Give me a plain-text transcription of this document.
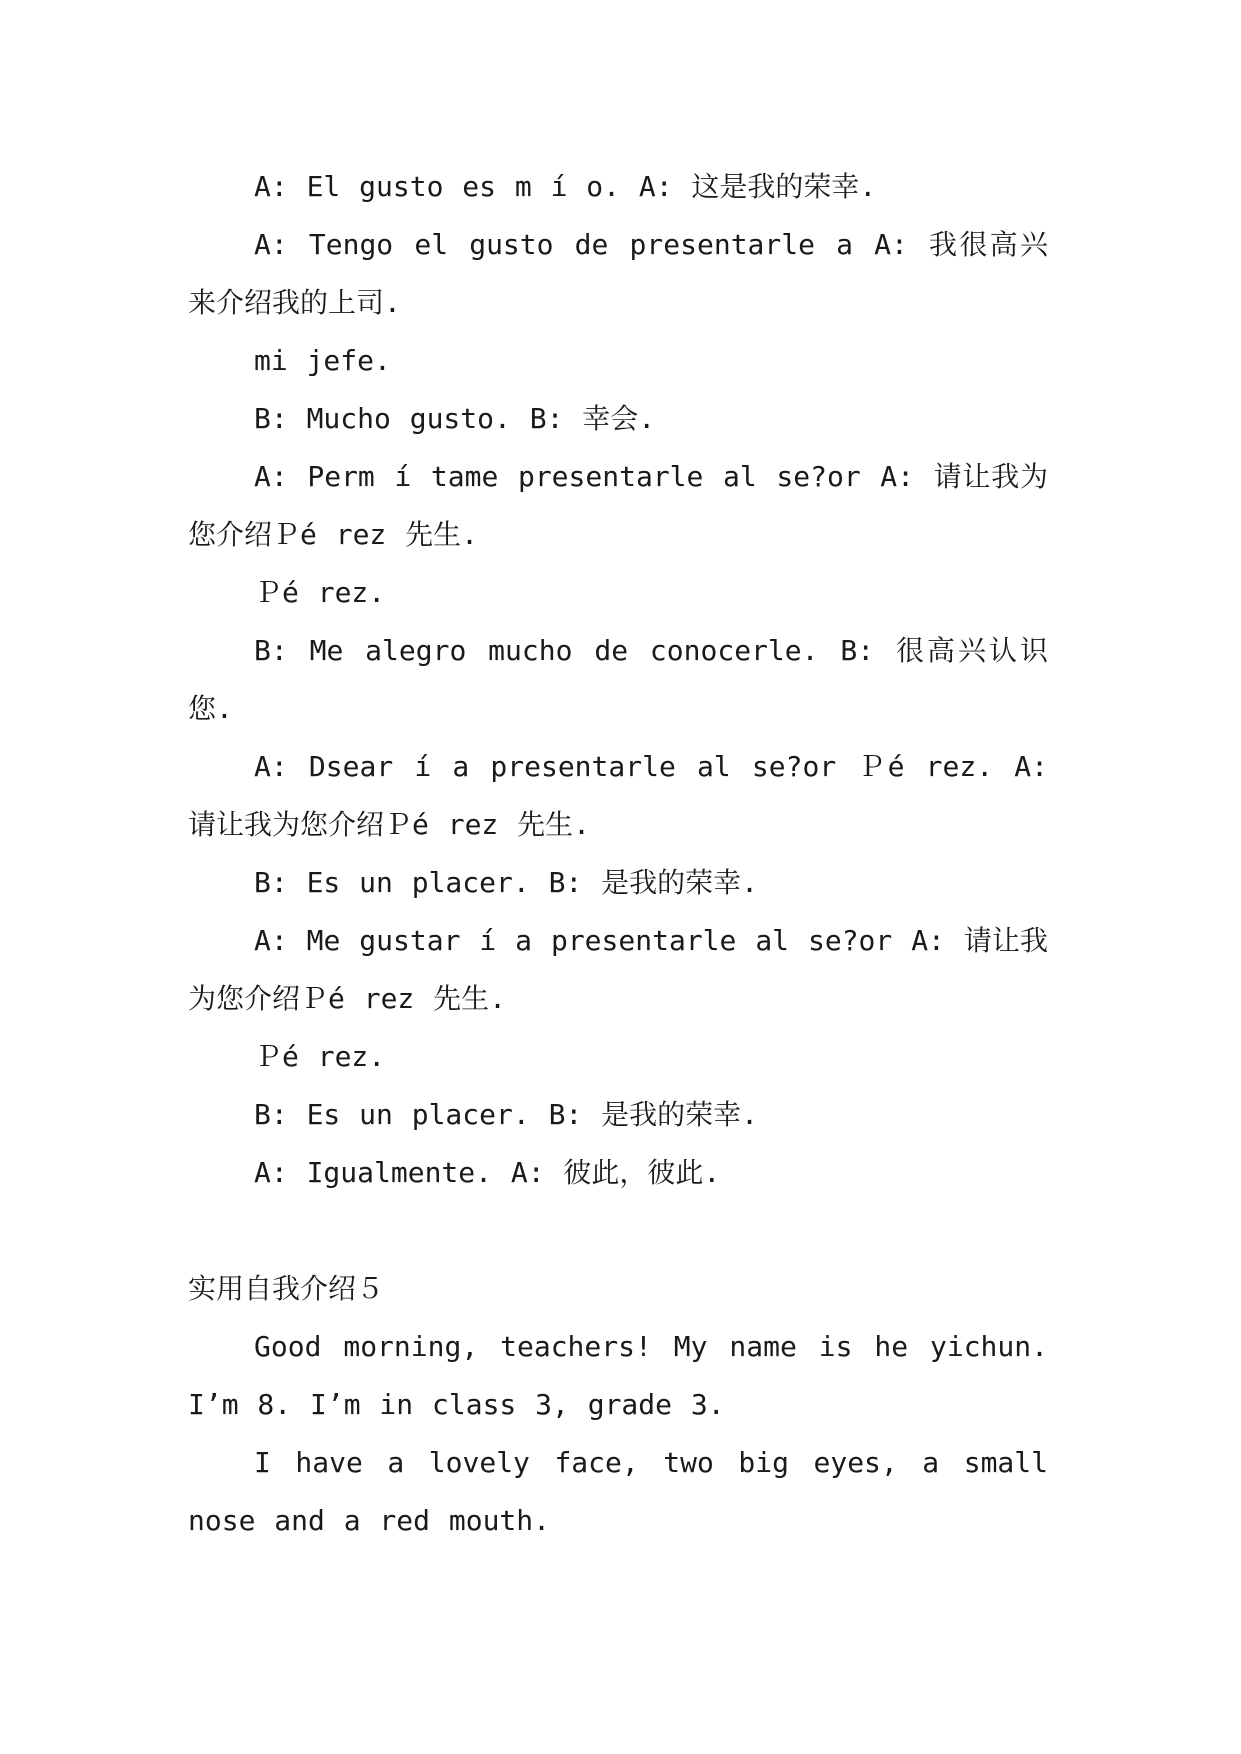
A: El gusto es m í o. A: 这是我的荣幸.

A: Tengo el gusto de presentarle a A: 我很高兴来介绍我的上司.

mi jefe.

B: Mucho gusto. B: 幸会.

A: Perm í tame presentarle al se?or A: 请让我为您介绍Ｐé rez 先生.

Ｐé rez.

B: Me alegro mucho de conocerle. B: 很高兴认识您.

A: Dsear í a presentarle al se?or Ｐé rez. A: 请让我为您介绍Ｐé rez 先生.

B: Es un placer. B: 是我的荣幸.

A: Me gustar í a presentarle al se?or A: 请让我为您介绍Ｐé rez 先生.

Ｐé rez.

B: Es un placer. B: 是我的荣幸.

A: Igualmente. A: 彼此，彼此.

实用自我介绍５

Good morning, teachers! My name is he yichun. I’m 8. I’m in class 3, grade 3.

I have a lovely face, two big eyes, a small nose and a red mouth.
